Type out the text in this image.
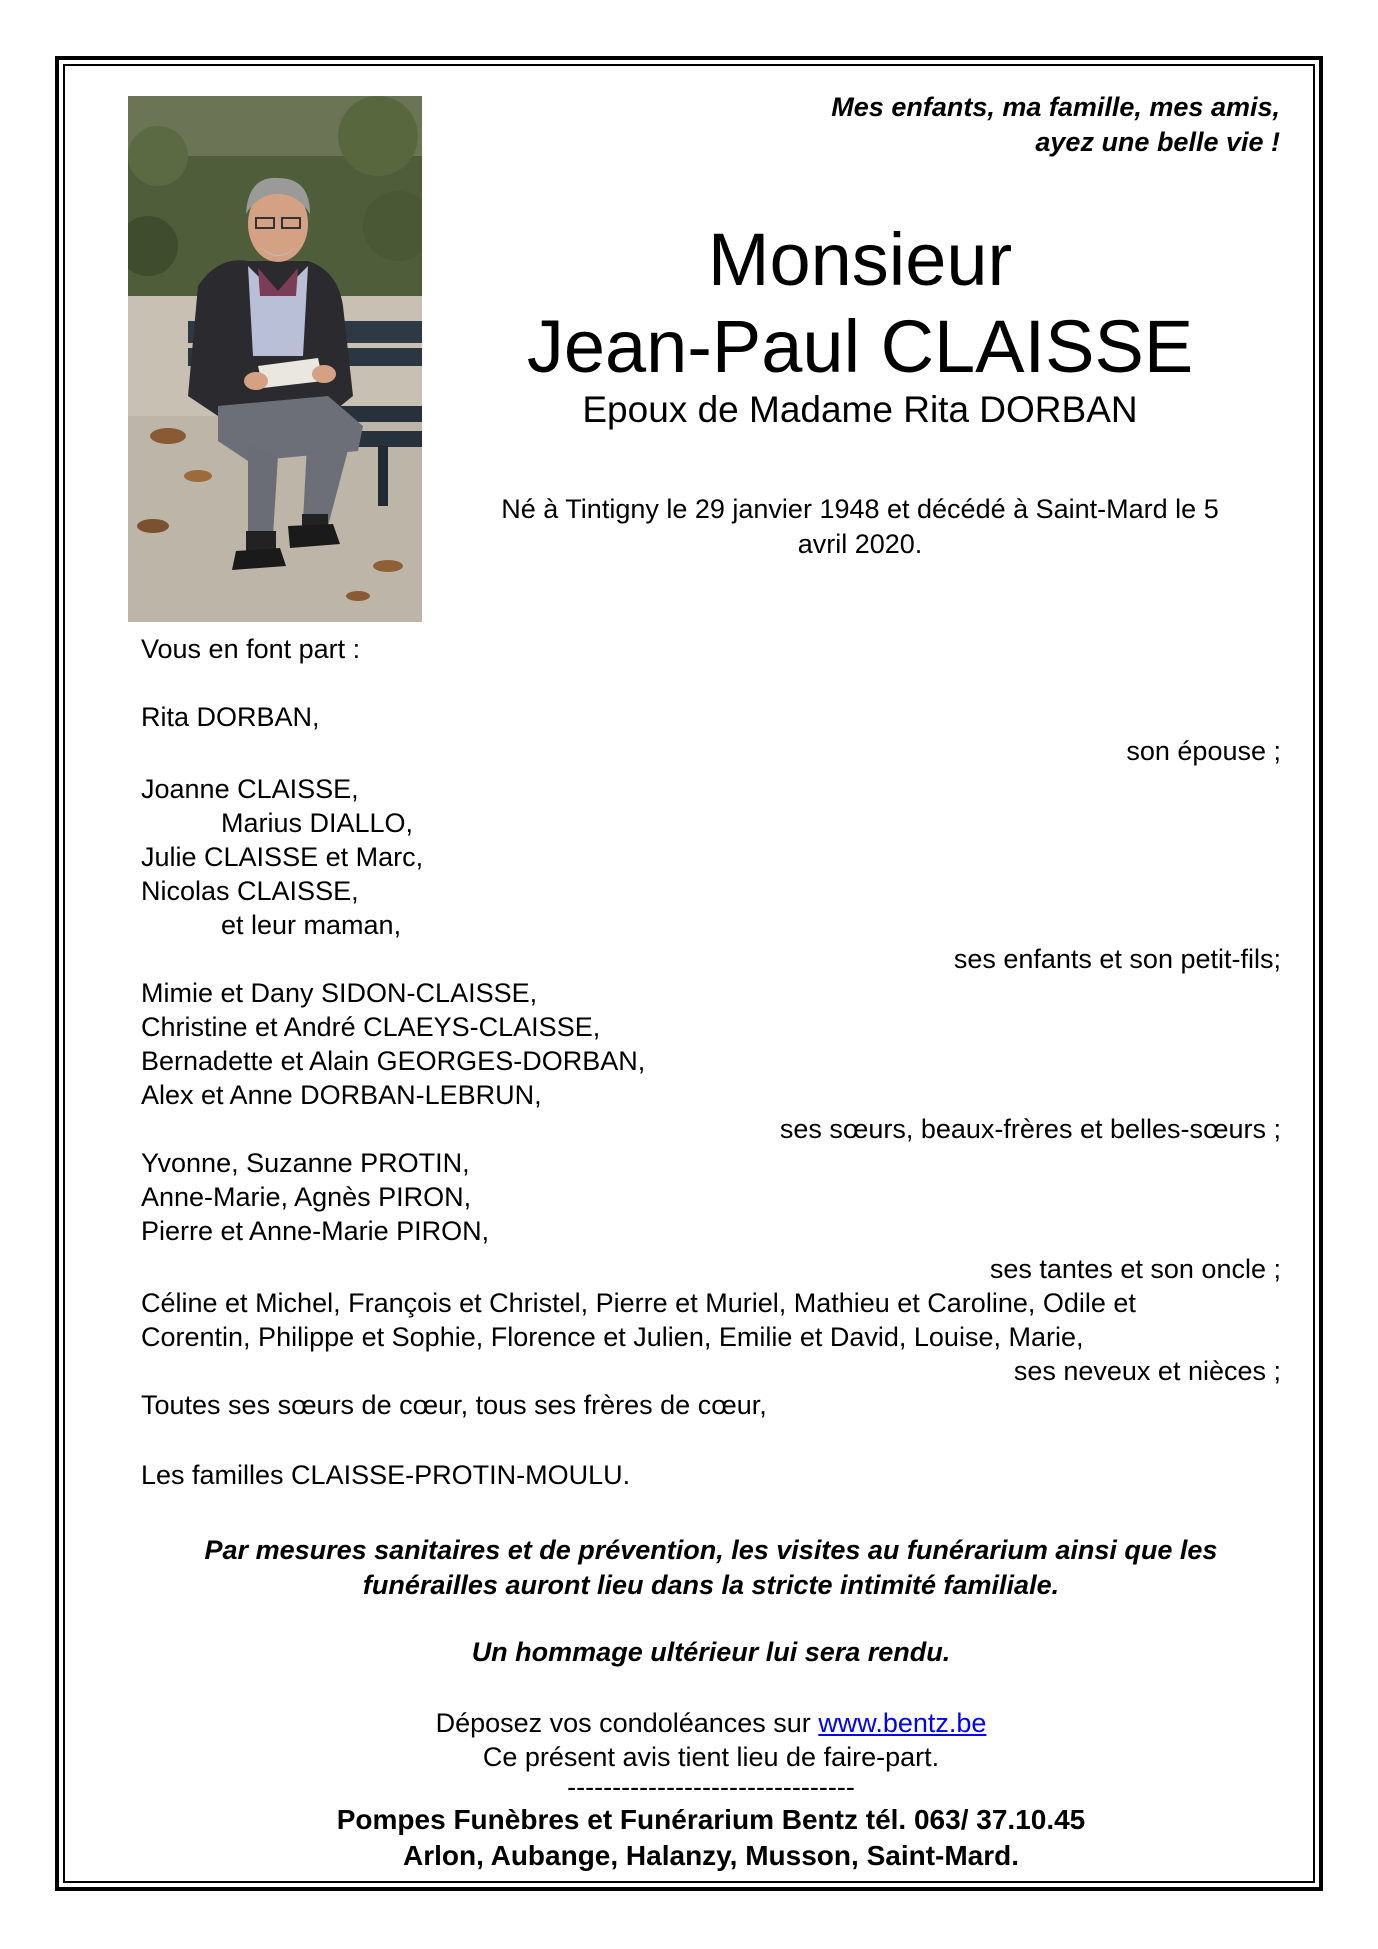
Mes enfants, ma famille, mes amis,
ayez une belle vie !
Monsieur
Jean-Paul CLAISSE
Epoux de Madame Rita DORBAN
Né à Tintigny le 29 janvier 1948 et décédé à Saint-Mard le 5
avril 2020.
Vous en font part :
Rita DORBAN,
son épouse ;
Joanne CLAISSE,
Marius DIALLO,
Julie CLAISSE et Marc,
Nicolas CLAISSE,
et leur maman,
ses enfants et son petit-fils;
Mimie et Dany SIDON-CLAISSE,
Christine et André CLAEYS-CLAISSE,
Bernadette et Alain GEORGES-DORBAN,
Alex et Anne DORBAN-LEBRUN,
ses sœurs, beaux-frères et belles-sœurs ;
Yvonne, Suzanne PROTIN,
Anne-Marie, Agnès PIRON,
Pierre et Anne-Marie PIRON,
ses tantes et son oncle ;
Céline et Michel, François et Christel, Pierre et Muriel, Mathieu et Caroline, Odile et
Corentin, Philippe et Sophie, Florence et Julien, Emilie et David, Louise, Marie,
ses neveux et nièces ;
Toutes ses sœurs de cœur, tous ses frères de cœur,
Les familles CLAISSE-PROTIN-MOULU.
Par mesures sanitaires et de prévention, les visites au funérarium ainsi que les
funérailles auront lieu dans la stricte intimité familiale.
Un hommage ultérieur lui sera rendu.
Déposez vos condoléances sur www.bentz.be
Ce présent avis tient lieu de faire-part.
--------------------------------
Pompes Funèbres et Funérarium Bentz tél. 063/ 37.10.45
Arlon, Aubange, Halanzy, Musson, Saint-Mard.
